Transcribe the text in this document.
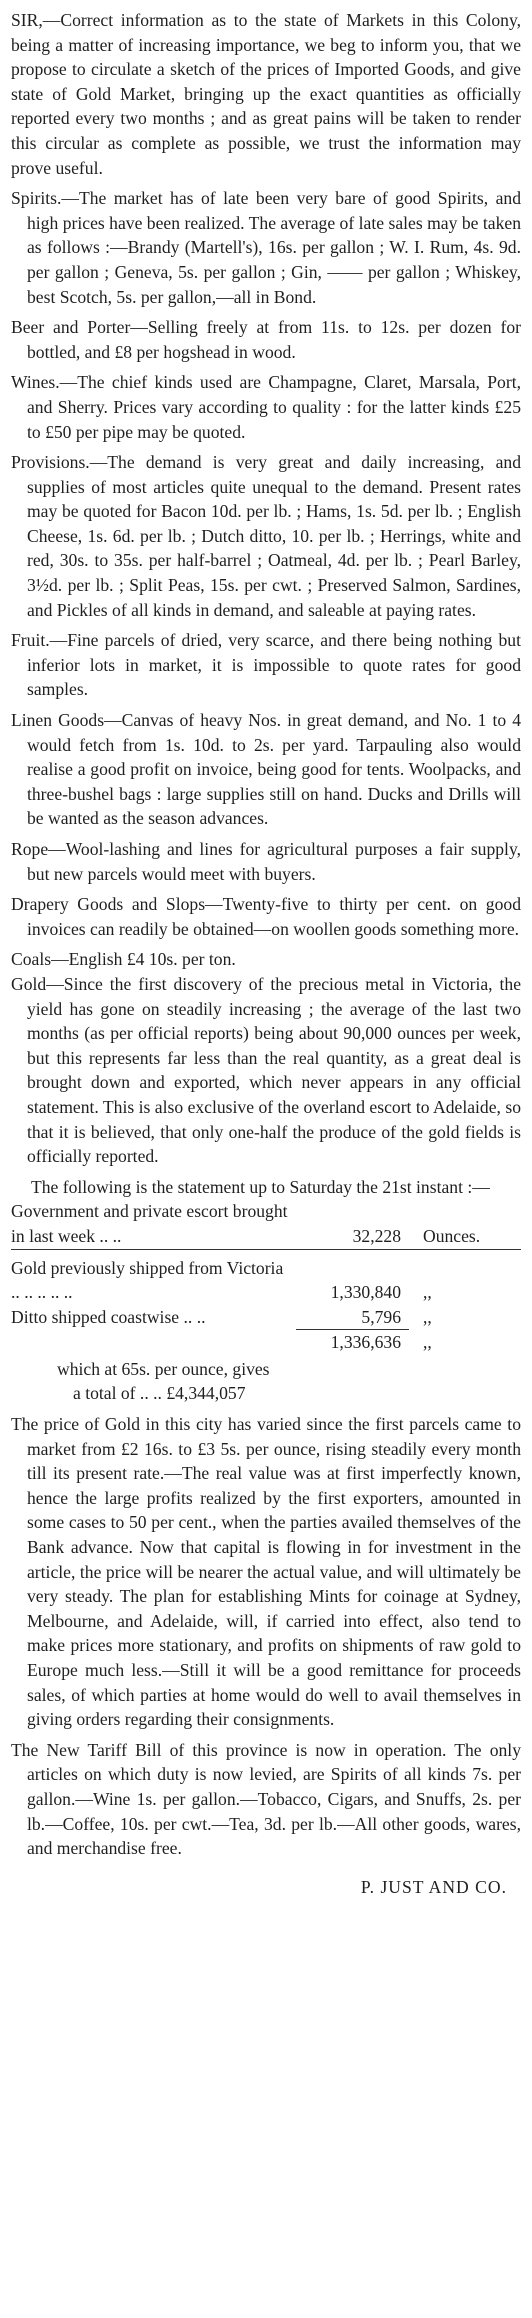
SIR,—Correct information as to the state of Markets in this Colony, being a matter of increasing importance, we beg to inform you, that we propose to circulate a sketch of the prices of Imported Goods, and give state of Gold Market, bringing up the exact quantities as officially reported every two months ; and as great pains will be taken to render this circular as complete as possible, we trust the information may prove useful.

Spirits.—The market has of late been very bare of good Spirits, and high prices have been realized. The average of late sales may be taken as follows :—Brandy (Martell's), 16s. per gallon ; W. I. Rum, 4s. 9d. per gallon ; Geneva, 5s. per gallon ; Gin, —— per gallon ; Whiskey, best Scotch, 5s. per gallon,—all in Bond.

Beer and Porter—Selling freely at from 11s. to 12s. per dozen for bottled, and £8 per hogshead in wood.

Wines.—The chief kinds used are Champagne, Claret, Marsala, Port, and Sherry. Prices vary according to quality : for the latter kinds £25 to £50 per pipe may be quoted.

Provisions.—The demand is very great and daily increasing, and supplies of most articles quite unequal to the demand. Present rates may be quoted for Bacon 10d. per lb. ; Hams, 1s. 5d. per lb. ; English Cheese, 1s. 6d. per lb. ; Dutch ditto, 10. per lb. ; Herrings, white and red, 30s. to 35s. per half-barrel ; Oatmeal, 4d. per lb. ; Pearl Barley, 3½d. per lb. ; Split Peas, 15s. per cwt. ; Preserved Salmon, Sardines, and Pickles of all kinds in demand, and saleable at paying rates.

Fruit.—Fine parcels of dried, very scarce, and there being nothing but inferior lots in market, it is impossible to quote rates for good samples.

Linen Goods—Canvas of heavy Nos. in great demand, and No. 1 to 4 would fetch from 1s. 10d. to 2s. per yard. Tarpauling also would realise a good profit on invoice, being good for tents. Woolpacks, and three-bushel bags : large supplies still on hand. Ducks and Drills will be wanted as the season advances.

Rope—Wool-lashing and lines for agricultural purposes a fair supply, but new parcels would meet with buyers.

Drapery Goods and Slops—Twenty-five to thirty per cent. on good invoices can readily be obtained—on woollen goods something more.

Coals—English £4 10s. per ton.

Gold—Since the first discovery of the precious metal in Victoria, the yield has gone on steadily increasing ; the average of the last two months (as per official reports) being about 90,000 ounces per week, but this represents far less than the real quantity, as a great deal is brought down and exported, which never appears in any official statement. This is also exclusive of the overland escort to Adelaide, so that it is believed, that only one-half the produce of the gold fields is officially reported.

The following is the statement up to Saturday the 21st instant :—

Government and private escort brought in last week .. ..	32,228	Ounces.
Gold previously shipped from Victoria .. .. .. .. ..	1,330,840	,,
Ditto shipped coastwise .. ..	5,796	,,
	1,336,636	,,
which at 65s. per ounce, gives
a total of .. .. £4,344,057

The price of Gold in this city has varied since the first parcels came to market from £2 16s. to £3 5s. per ounce, rising steadily every month till its present rate.—The real value was at first imperfectly known, hence the large profits realized by the first exporters, amounted in some cases to 50 per cent., when the parties availed themselves of the Bank advance. Now that capital is flowing in for investment in the article, the price will be nearer the actual value, and will ultimately be very steady. The plan for establishing Mints for coinage at Sydney, Melbourne, and Adelaide, will, if carried into effect, also tend to make prices more stationary, and profits on shipments of raw gold to Europe much less.—Still it will be a good remittance for proceeds sales, of which parties at home would do well to avail themselves in giving orders regarding their consignments.

The New Tariff Bill of this province is now in operation. The only articles on which duty is now levied, are Spirits of all kinds 7s. per gallon.—Wine 1s. per gallon.—Tobacco, Cigars, and Snuffs, 2s. per lb.—Coffee, 10s. per cwt.—Tea, 3d. per lb.—All other goods, wares, and merchandise free.

P. JUST AND CO.
